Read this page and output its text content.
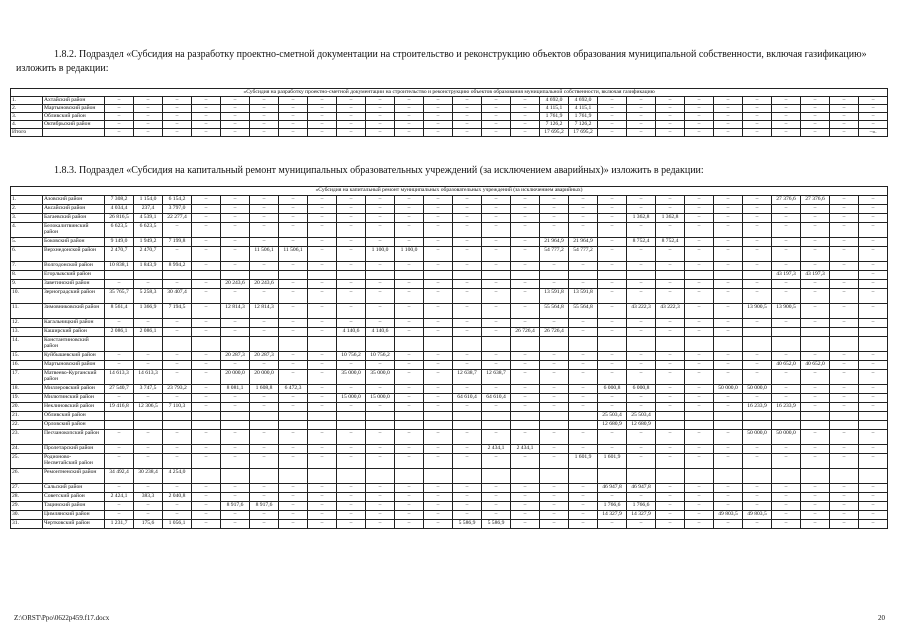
1.8.2. Подраздел «Субсидия на разработку проектно-сметной документации на строительство и реконструкцию объектов образования муниципальной собственности, включая газификацию» изложить в редакции:
«Субсидия на разработку проектно-сметной документации на строительство и реконструкцию объектов образования муниципальной собственности, включая газификацию																												
1.	Ахтайский район	–	–	–	–	–	–	–	–	–	–	–	–	–	–	–	4 692,0	4 692,0	–	–	–	–	–	–	–	–	–	–
2.	Мартыновский район	–	–	–	–	–	–	–	–	–	–	–	–	–	–	–	4 115,1	4 115,1	–	–	–	–	–	–	–	–	–	–
3.	Обливский район	–	–	–	–	–	–	–	–	–	–	–	–	–	–	–	1 761,9	1 761,9	–	–	–	–	–	–	–	–	–	–
4.	Октябрьский район	–	–	–	–	–	–	–	–	–	–	–	–	–	–	–	7 126,2	7 126,2	–	–	–	–	–	–	–	–	–	–
Итого		–	–	–	–	–	–	–	–	–	–	–	–	–	–	–	17 695,2	17 695,2	–	–	–	–	–	–	–	–	–	–».
1.8.3. Подраздел «Субсидия на капитальный ремонт муниципальных образовательных учреждений (за исключением аварийных)» изложить в редакции:
«Субсидия на капитальный ремонт муниципальных образовательных учреждений (за исключением аварийных)																												
1.	Азовский район	7 308,2	1 154,0	6 154,2	–	–	–	–	–	–	–	–	–	–	–	–	–	–	–	–	–	–	–	–	27 376,6	27 376,6	–	–
2.	Аксайский район	4 034,4	237,4	3 797,0	–	–	–	–	–	–	–	–	–	–	–	–	–	–	–	–	–	–	–	–	–	–	–	–
3.	Багаевский район	26 816,5	4 539,1	22 277,4	–	–	–	–	–	–	–	–	–	–	–	–	–	–	–	1 362,8	1 362,8	–	–	–	–	–	–	–
4.	Белокалитвинский район	6 623,5	6 623,5	–	–	–	–	–	–	–	–	–	–	–	–	–	–	–	–	–	–	–	–	–	–	–	–	–
5.	Боковский район	9 149,0	1 949,2	7 199,8	–	–	–	–	–	–	–	–	–	–	–	–	21 964,9	21 964,9	–	8 752,4	8 752,4	–	–	–	–	–	–	–
6.	Верхнедонской район	2 470,7	2 470,7	–	–	–	11 506,1	11 506,1	–	–	1 100,0	1 100,0	–	–	–	–	54 777,2	54 777,2	–	–	–	–	–	–	–	–	–	–
7.	Волгодонской район	10 838,1	1 843,9	8 994,2	–	–	–	–	–	–	–	–	–	–	–	–	–	–	–	–	–	–	–	–	–	–	–	–
8.	Егорлыкский район																								43 197,3	43 197,3		–
9.	Заветинский район	–	–	–	–	20 243,6	20 243,6	–	–	–	–	–	–	–	–	–	–	–	–	–	–	–	–	–	–	–	–	–
10.	Зерноградский район	35 765,7	5 258,3	30 407,4	–	–	–	–	–	–	–	–	–	–	–	–	13 591,8	13 591,8	–	–	–	–	–	–	–	–	–	–
11.	Зимовниковский район	8 561,4	1 366,9	7 194,5	–	12 814,3	12 814,3	–	–	–	–	–	–	–	–	–	55 564,8	55 564,8	–	43 222,3	43 222,3	–	–	13 900,5	13 900,5	–	–	–
12.	Кагальницкий район	–	–	–	–	–	–	–	–	–	–	–	–	–	–	–	–	–	–	–	–	–	–	–	–	–	–	–
13.	Каширский район	2 086,1	2 086,1	–	–	–	–	–	–	4 140,6	4 140,6	–	–	–	–	26 726,4	26 726,4	–	–	–	–	–	–					
14.	Константиновский район																											
15.	Куйбышевский район	–	–	–	–	20 287,3	20 287,3	–	–	10 756,2	10 756,2	–	–	–	–	–	–	–	–	–	–	–	–	–	–	–	–	–
16.	Мартыновский район	–	–	–	–	–	–	–	–	–	–	–	–	–	–	–	–	–	–	–	–	–	–	–	40 652,0	40 652,0	–	–
17.	Матвеево-Курганский район	14 613,3	14 613,3	–	–	20 000,0	20 000,0	–	–	35 000,0	35 000,0	–	–	12 638,7	12 638,7	–	–	–	–	–	–	–	–	–	–	–	–	–
18.	Миллеровский район	27 540,7	3 747,5	23 793,2	–	8 081,1	1 608,8	6 472,3	–	–	–	–	–	–	–	–	–	–	6 000,8	6 000,8	–	–	50 000,0	50 000,0	–	–	–	–
19.	Милютинский район	–	–	–	–	–	–	–	–	15 000,0	15 000,0	–	–	64 610,4	64 610,4	–	–	–	–	–	–	–	–	–	–	–	–	–
20.	Неклиновский район	19 416,8	12 306,5	7 110,3	–	–	–	–	–	–	–	–	–	–	–	–	–	–	–	–	–	–	–	16 233,9	16 233,9	–	–	–
21.	Обливский район																		25 503,4	25 503,4								
22.	Орловский район																		12 680,9	12 680,9								
23.	Песчанокопский район	–	–	–	–	–	–	–	–	–	–	–	–	–	–	–	–	–	–	–	–	–	–	50 000,0	50 000,0	–	–	–
24.	Пролетарский район	–	–	–	–	–	–	–	–	–	–	–	–	–	2 434,1	2 434,1	–	–	–	–	–	–	–	–	–	–	–	–
25.	Родионово-Несветайский район	–	–	–	–	–	–	–	–	–	–	–	–	–	–	–	–	1 601,9	1 601,9	–	–	–	–	–	–	–	–	–
26.	Ремонтненский район	34 492,4	30 238,4	4 254,0																								
27.	Сальский район	–	–	–	–	–	–	–	–	–	–	–	–	–	–	–	–	–	46 947,8	46 947,8	–	–	–	–	–	–	–	–
28.	Советский район	2 424,1	383,3	2 040,8	–	–	–	–	–	–	–	–	–	–	–	–	–	–	–	–	–	–	–	–	–	–	–	–
29.	Тацинский район	–	–	–	–	8 917,6	8 917,6	–	–	–	–	–	–	–	–	–	–	–	1 766,6	1 766,6	–	–	–	–	–	–	–	–
30.	Цимлянский район	–	–	–	–	–	–	–	–	–	–	–	–	–	–	–	–	–	14 327,9	14 327,9	–	–	49 803,5	49 803,5	–	–	–	–
31.	Чертковский район	1 231,7	175,6	1 056,1	–	–	–	–	–	–	–	–	–	5 586,9	5 586,9	–	–	–	–	–	–	–	–	–	–	–	–	–
Z:\ORST\Ppo\0622p459.f17.docx	20
